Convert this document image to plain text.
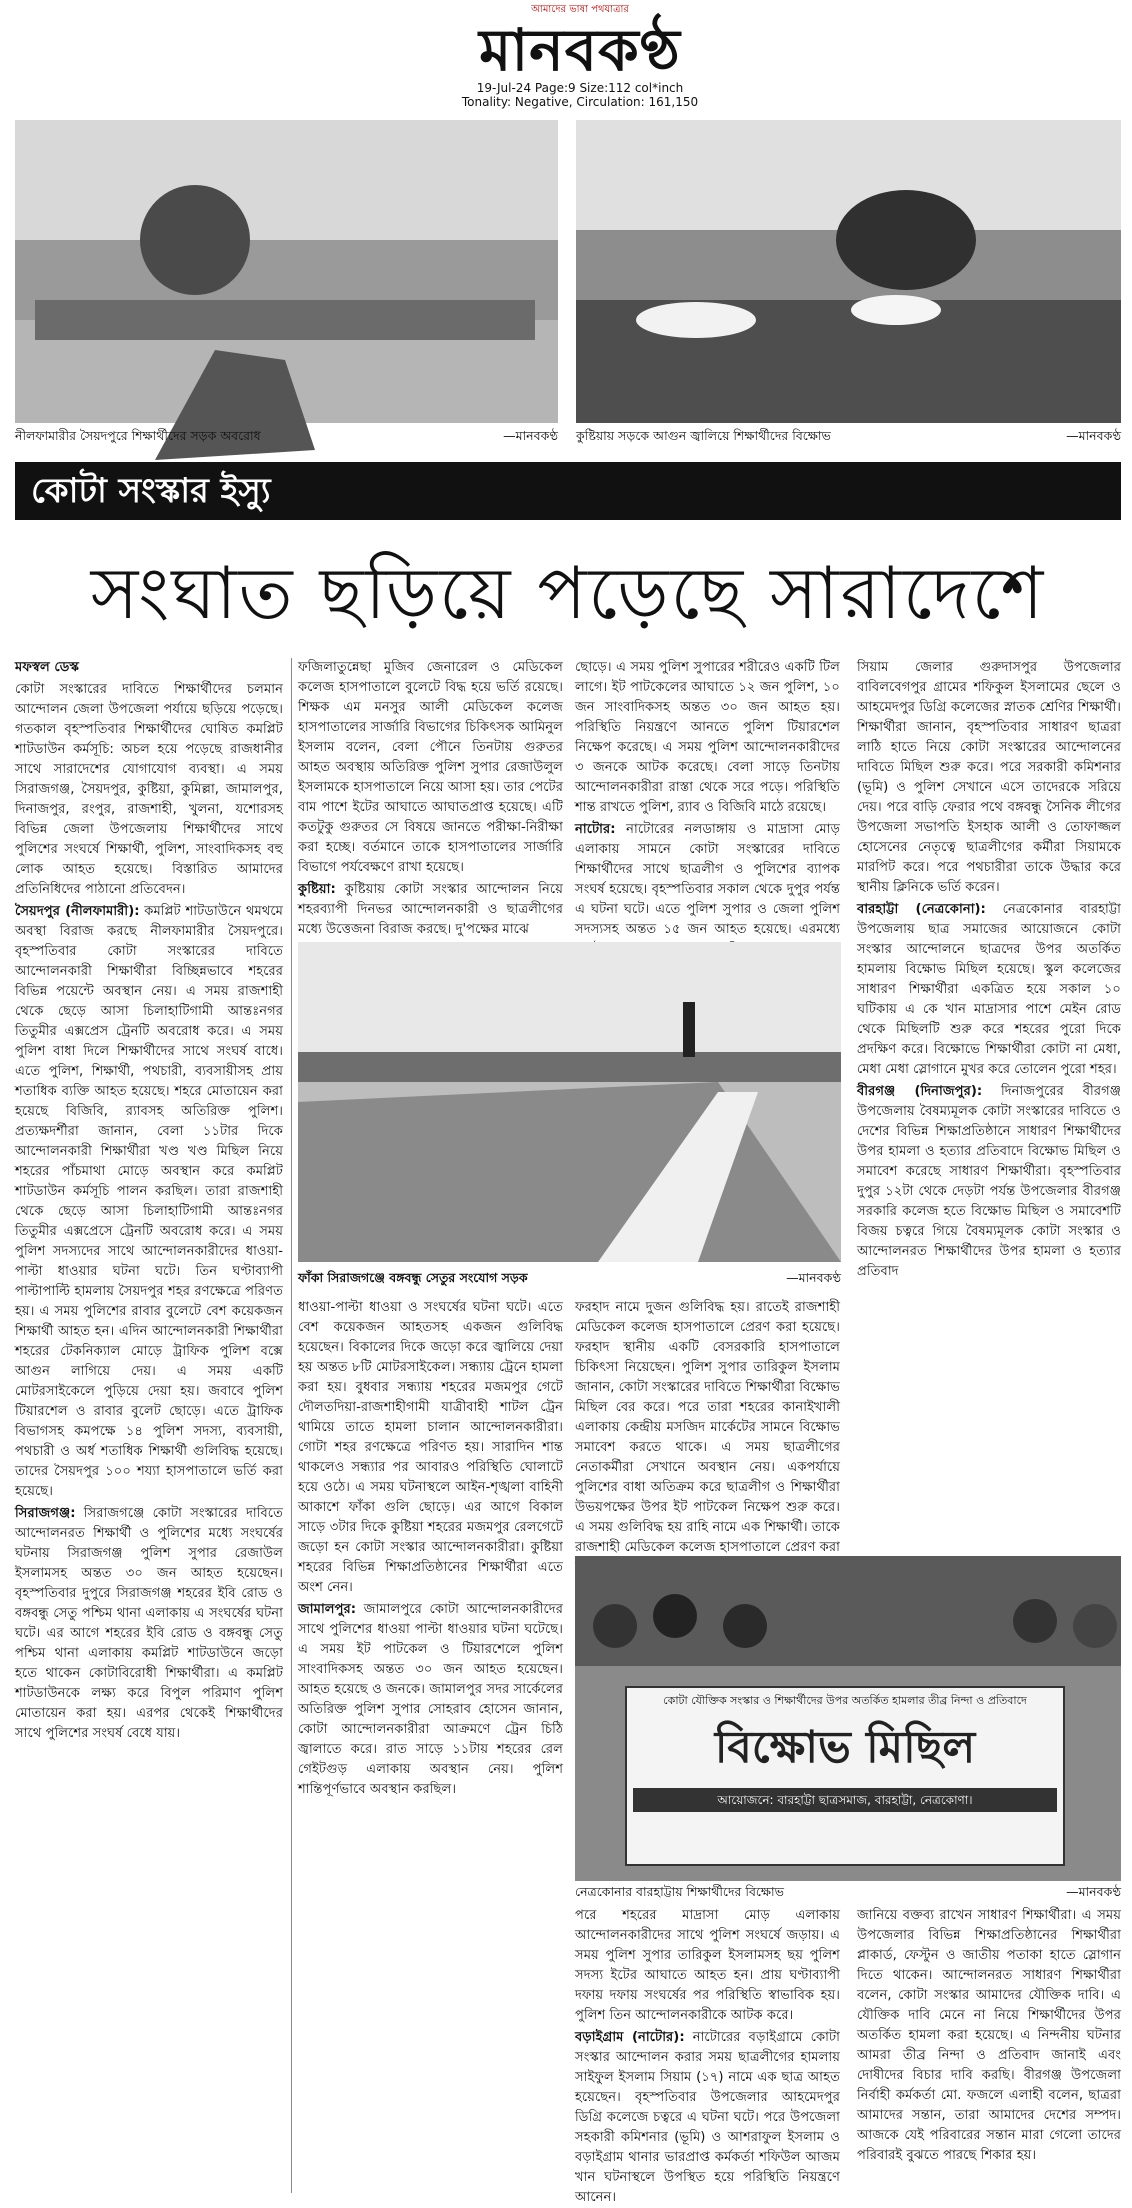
আমাদের ভাষা পথযাত্রার
মানবকণ্ঠ
19-Jul-24 Page:9 Size:112 col*inch
Tonality: Negative, Circulation: 161,150
নীলফামারীর সৈয়দপুরে শিক্ষার্থীদের সড়ক অবরোধ	—মানবকণ্ঠ কুষ্টিয়ায় সড়কে আগুন জ্বালিয়ে শিক্ষার্থীদের বিক্ষোভ	—মানবকণ্ঠ
কোটা সংস্কার ইস্যু
সংঘাত ছড়িয়ে পড়েছে সারাদেশে

মফস্বল ডেস্ক

কোটা সংস্কারের দাবিতে শিক্ষার্থীদের চলমান আন্দোলন জেলা উপজেলা পর্যায়ে ছড়িয়ে পড়েছে। গতকাল বৃহস্পতিবার শিক্ষার্থীদের ঘোষিত কমপ্লিট শাটডাউন কর্মসূচি: অচল হয়ে পড়েছে রাজধানীর সাথে সারাদেশের যোগাযোগ ব্যবস্থা। এ সময় সিরাজগঞ্জ, সৈয়দপুর, কুষ্টিয়া, কুমিল্লা, জামালপুর, দিনাজপুর, রংপুর, রাজশাহী, খুলনা, যশোরসহ বিভিন্ন জেলা উপজেলায় শিক্ষার্থীদের সাথে পুলিশের সংঘর্ষে শিক্ষার্থী, পুলিশ, সাংবাদিকসহ বহু লোক আহত হয়েছে। বিস্তারিত আমাদের প্রতিনিধিদের পাঠানো প্রতিবেদন।

সৈয়দপুর (নীলফামারী): কমপ্লিট শাটডাউনে থমথমে অবস্থা বিরাজ করছে নীলফামারীর সৈয়দপুরে। বৃহস্পতিবার কোটা সংস্কারের দাবিতে আন্দোলনকারী শিক্ষার্থীরা বিচ্ছিন্নভাবে শহরের বিভিন্ন পয়েন্টে অবস্থান নেয়। এ সময় রাজশাহী থেকে ছেড়ে আসা চিলাহাটিগামী আন্তঃনগর তিতুমীর এক্সপ্রেস ট্রেনটি অবরোধ করে। এ সময় পুলিশ বাধা দিলে শিক্ষার্থীদের সাথে সংঘর্ষ বাধে। এতে পুলিশ, শিক্ষার্থী, পথচারী, ব্যবসায়ীসহ প্রায় শতাধিক ব্যক্তি আহত হয়েছে। শহরে মোতায়েন করা হয়েছে বিজিবি, র‍্যাবসহ অতিরিক্ত পুলিশ। প্রত্যক্ষদর্শীরা জানান, বেলা ১১টার দিকে আন্দোলনকারী শিক্ষার্থীরা খণ্ড খণ্ড মিছিল নিয়ে শহরের পাঁচমাথা মোড়ে অবস্থান করে কমপ্লিট শাটডাউন কর্মসূচি পালন করছিল। তারা রাজশাহী থেকে ছেড়ে আসা চিলাহাটিগামী আন্তঃনগর তিতুমীর এক্সপ্রেসে ট্রেনটি অবরোধ করে। এ সময় পুলিশ সদস্যদের সাথে আন্দোলনকারীদের ধাওয়া-পাল্টা ধাওয়ার ঘটনা ঘটে। তিন ঘণ্টাব্যাপী পাল্টাপাল্টি হামলায় সৈয়দপুর শহর রণক্ষেত্রে পরিণত হয়। এ সময় পুলিশের রাবার বুলেটে বেশ কয়েকজন শিক্ষার্থী আহত হন। এদিন আন্দোলনকারী শিক্ষার্থীরা শহরের টেকনিক্যাল মোড়ে ট্রাফিক পুলিশ বক্সে আগুন লাগিয়ে দেয়। এ সময় একটি মোটরসাইকেলে পুড়িয়ে দেয়া হয়। জবাবে পুলিশ টিয়ারশেল ও রাবার বুলেট ছোড়ে। এতে ট্রাফিক বিভাগসহ কমপক্ষে ১৪ পুলিশ সদস্য, ব্যবসায়ী, পথচারী ও অর্ধ শতাধিক শিক্ষার্থী গুলিবিদ্ধ হয়েছে। তাদের সৈয়দপুর ১০০ শয্যা হাসপাতালে ভর্তি করা হয়েছে।

সিরাজগঞ্জ: সিরাজগঞ্জে কোটা সংস্কারের দাবিতে আন্দোলনরত শিক্ষার্থী ও পুলিশের মধ্যে সংঘর্ষের ঘটনায় সিরাজগঞ্জ পুলিশ সুপার রেজাউল ইসলামসহ অন্তত ৩০ জন আহত হয়েছেন। বৃহস্পতিবার দুপুরে সিরাজগঞ্জ শহরের ইবি রোড ও বঙ্গবন্ধু সেতু পশ্চিম থানা এলাকায় এ সংঘর্ষের ঘটনা ঘটে। এর আগে শহরের ইবি রোড ও বঙ্গবন্ধু সেতু পশ্চিম থানা এলাকায় কমপ্লিট শাটডাউনে জড়ো হতে থাকেন কোটাবিরোধী শিক্ষার্থীরা। এ কমপ্লিট শাটডাউনকে লক্ষ্য করে বিপুল পরিমাণ পুলিশ মোতায়েন করা হয়। এরপর থেকেই শিক্ষার্থীদের সাথে পুলিশের সংঘর্ষ বেধে যায়।

ফজিলাতুন্নেছা মুজিব জেনারেল ও মেডিকেল কলেজ হাসপাতালে বুলেটে বিদ্ধ হয়ে ভর্তি রয়েছে। শিক্ষক এম মনসুর আলী মেডিকেল কলেজ হাসপাতালের সার্জারি বিভাগের চিকিৎসক আমিনুল ইসলাম বলেন, বেলা পৌনে তিনটায় গুরুতর আহত অবস্থায় অতিরিক্ত পুলিশ সুপার রেজাউলুল ইসলামকে হাসপাতালে নিয়ে আসা হয়। তার পেটের বাম পাশে ইটের আঘাতে আঘাতপ্রাপ্ত হয়েছে। এটি কতটুকু গুরুতর সে বিষয়ে জানতে পরীক্ষা-নিরীক্ষা করা হচ্ছে। বর্তমানে তাকে হাসপাতালের সার্জারি বিভাগে পর্যবেক্ষণে রাখা হয়েছে।

কুষ্টিয়া: কুষ্টিয়ায় কোটা সংস্কার আন্দোলন নিয়ে শহরব্যাপী দিনভর আন্দোলনকারী ও ছাত্রলীগের মধ্যে উত্তেজনা বিরাজ করছে। দু'পক্ষের মাঝে

ছোড়ে। এ সময় পুলিশ সুপারের শরীরেও একটি টিল লাগে। ইট পাটকেলের আঘাতে ১২ জন পুলিশ, ১০ জন সাংবাদিকসহ অন্তত ৩০ জন আহত হয়। পরিস্থিতি নিয়ন্ত্রণে আনতে পুলিশ টিয়ারশেল নিক্ষেপ করেছে। এ সময় পুলিশ আন্দোলনকারীদের ৩ জনকে আটক করেছে। বেলা সাড়ে তিনটায় আন্দোলনকারীরা রাস্তা থেকে সরে পড়ে। পরিস্থিতি শান্ত রাখতে পুলিশ, র‍্যাব ও বিজিবি মাঠে রয়েছে।

নাটোর: নাটোরের নলডাঙ্গায় ও মাদ্রাসা মোড় এলাকায় সামনে কোটা সংস্কারের দাবিতে শিক্ষার্থীদের সাথে ছাত্রলীগ ও পুলিশের ব্যাপক সংঘর্ষ হয়েছে। বৃহস্পতিবার সকাল থেকে দুপুর পর্যন্ত এ ঘটনা ঘটে। এতে পুলিশ সুপার ও জেলা পুলিশ সদস্যসহ অন্তত ১৫ জন আহত হয়েছে। এরমধ্যে

ফাঁকা সিরাজগঞ্জে বঙ্গবন্ধু সেতুর সংযোগ সড়ক	—মানবকণ্ঠ

ধাওয়া-পাল্টা ধাওয়া ও সংঘর্ষের ঘটনা ঘটে। এতে বেশ কয়েকজন আহতসহ একজন গুলিবিদ্ধ হয়েছেন। বিকালের দিকে জড়ো করে জ্বালিয়ে দেয়া হয় অন্তত ৮টি মোটরসাইকেল। সন্ধ্যায় ট্রেনে হামলা করা হয়। বুধবার সন্ধ্যায় শহরের মজমপুর গেটে দৌলতদিয়া-রাজশাহীগামী যাত্রীবাহী শাটল ট্রেন থামিয়ে তাতে হামলা চালান আন্দোলনকারীরা। গোটা শহর রণক্ষেত্রে পরিণত হয়। সারাদিন শান্ত থাকলেও সন্ধ্যার পর আবারও পরিস্থিতি ঘোলাটে হয়ে ওঠে। এ সময় ঘটনাস্থলে আইন-শৃঙ্খলা বাহিনী আকাশে ফাঁকা গুলি ছোড়ে। এর আগে বিকাল সাড়ে ৩টার দিকে কুষ্টিয়া শহরের মজমপুর রেলগেটে জড়ো হন কোটা সংস্কার আন্দোলনকারীরা। কুষ্টিয়া শহরের বিভিন্ন শিক্ষাপ্রতিষ্ঠানের শিক্ষার্থীরা এতে অংশ নেন।

জামালপুর: জামালপুরে কোটা আন্দোলনকারীদের সাথে পুলিশের ধাওয়া পাল্টা ধাওয়ার ঘটনা ঘটেছে। এ সময় ইট পাটকেল ও টিয়ারশেলে পুলিশ সাংবাদিকসহ অন্তত ৩০ জন আহত হয়েছেন। আহত হয়েছে ও জনকে। জামালপুর সদর সার্কেলের অতিরিক্ত পুলিশ সুপার সোহরাব হোসেন জানান, কোটা আন্দোলনকারীরা আক্রমণে ট্রেন চিঠি জ্বালাতে করে। রাত সাড়ে ১১টায় শহরের রেল গেইটগুড় এলাকায় অবস্থান নেয়। পুলিশ শান্তিপূর্ণভাবে অবস্থান করছিল।

ফরহাদ নামে দুজন গুলিবিদ্ধ হয়। রাতেই রাজশাহী মেডিকেল কলেজ হাসপাতালে প্রেরণ করা হয়েছে। ফরহাদ স্থানীয় একটি বেসরকারি হাসপাতালে চিকিৎসা নিয়েছেন। পুলিশ সুপার তারিকুল ইসলাম জানান, কোটা সংস্কারের দাবিতে শিক্ষার্থীরা বিক্ষোভ মিছিল বের করে। পরে তারা শহরের কানাইখালী এলাকায় কেন্দ্রীয় মসজিদ মার্কেটের সামনে বিক্ষোভ সমাবেশ করতে থাকে। এ সময় ছাত্রলীগের নেতাকর্মীরা সেখানে অবস্থান নেয়। একপর্যায়ে পুলিশের বাধা অতিক্রম করে ছাত্রলীগ ও শিক্ষার্থীরা উভয়পক্ষের উপর ইট পাটকেল নিক্ষেপ শুরু করে। এ সময় গুলিবিদ্ধ হয় রাহি নামে এক শিক্ষার্থী। তাকে রাজশাহী মেডিকেল কলেজ হাসপাতালে প্রেরণ করা

সিয়াম জেলার গুরুদাসপুর উপজেলার বাবিলবেগপুর গ্রামের শফিকুল ইসলামের ছেলে ও আহমেদপুর ডিগ্রি কলেজের স্নাতক শ্রেণির শিক্ষার্থী। শিক্ষার্থীরা জানান, বৃহস্পতিবার সাধারণ ছাত্ররা লাঠি হাতে নিয়ে কোটা সংস্কারের আন্দোলনের দাবিতে মিছিল শুরু করে। পরে সরকারী কমিশনার (ভূমি) ও পুলিশ সেখানে এসে তাদেরকে সরিয়ে দেয়। পরে বাড়ি ফেরার পথে বঙ্গবন্ধু সৈনিক লীগের উপজেলা সভাপতি ইসহাক আলী ও তোফাজ্জল হোসেনের নেতৃত্বে ছাত্রলীগের কর্মীরা সিয়ামকে মারপিট করে। পরে পথচারীরা তাকে উদ্ধার করে স্থানীয় ক্লিনিকে ভর্তি করেন।

বারহাট্টা (নেত্রকোনা): নেত্রকোনার বারহাট্টা উপজেলায় ছাত্র সমাজের আয়োজনে কোটা সংস্কার আন্দোলনে ছাত্রদের উপর অতর্কিত হামলায় বিক্ষোভ মিছিল হয়েছে। স্কুল কলেজের সাধারণ শিক্ষার্থীরা একত্রিত হয়ে সকাল ১০ ঘটিকায় এ কে খান মাদ্রাসার পাশে মেইন রোড থেকে মিছিলটি শুরু করে শহরের পুরো দিকে প্রদক্ষিণ করে। বিক্ষোভে শিক্ষার্থীরা কোটা না মেধা, মেধা মেধা স্লোগানে মুখর করে তোলেন পুরো শহর।

বীরগঞ্জ (দিনাজপুর): দিনাজপুরের বীরগঞ্জ উপজেলায় বৈষম্যমূলক কোটা সংস্কারের দাবিতে ও দেশের বিভিন্ন শিক্ষাপ্রতিষ্ঠানে সাধারণ শিক্ষার্থীদের উপর হামলা ও হত্যার প্রতিবাদে বিক্ষোভ মিছিল ও সমাবেশ করেছে সাধারণ শিক্ষার্থীরা। বৃহস্পতিবার দুপুর ১২টা থেকে দেড়টা পর্যন্ত উপজেলার বীরগঞ্জ সরকারি কলেজ হতে বিক্ষোভ মিছিল ও সমাবেশটি বিজয় চত্বরে গিয়ে বৈষম্যমূলক কোটা সংস্কার ও আন্দোলনরত শিক্ষার্থীদের উপর হামলা ও হত্যার প্রতিবাদ

কোটা যৌক্তিক সংস্কার ও শিক্ষার্থীদের উপর অতর্কিত হামলার তীব্র নিন্দা ও প্রতিবাদে
বিক্ষোভ মিছিল
আয়োজনে: বারহাট্টা ছাত্রসমাজ, বারহাট্টা, নেত্রকোণা।
নেত্রকোনার বারহাট্টায় শিক্ষার্থীদের বিক্ষোভ	—মানবকণ্ঠ

পরে শহরের মাদ্রাসা মোড় এলাকায় আন্দোলনকারীদের সাথে পুলিশ সংঘর্ষে জড়ায়। এ সময় পুলিশ সুপার তারিকুল ইসলামসহ ছয় পুলিশ সদস্য ইটের আঘাতে আহত হন। প্রায় ঘণ্টাব্যাপী দফায় দফায় সংঘর্ষের পর পরিস্থিতি স্বাভাবিক হয়। পুলিশ তিন আন্দোলনকারীকে আটক করে।

বড়াইগ্রাম (নাটোর): নাটোরের বড়াইগ্রামে কোটা সংস্কার আন্দোলন করার সময় ছাত্রলীগের হামলায় সাইফুল ইসলাম সিয়াম (১৭) নামে এক ছাত্র আহত হয়েছেন। বৃহস্পতিবার উপজেলার আহমেদপুর ডিগ্রি কলেজে চত্বরে এ ঘটনা ঘটে। পরে উপজেলা সহকারী কমিশনার (ভূমি) ও আশরাফুল ইসলাম ও বড়াইগ্রাম থানার ভারপ্রাপ্ত কর্মকর্তা শফিউল আজম খান ঘটনাস্থলে উপস্থিত হয়ে পরিস্থিতি নিয়ন্ত্রণে আনেন।

জানিয়ে বক্তব্য রাখেন সাধারণ শিক্ষার্থীরা। এ সময় উপজেলার বিভিন্ন শিক্ষাপ্রতিষ্ঠানের শিক্ষার্থীরা প্লাকার্ড, ফেস্টুন ও জাতীয় পতাকা হাতে স্লোগান দিতে থাকেন। আন্দোলনরত সাধারণ শিক্ষার্থীরা বলেন, কোটা সংস্কার আমাদের যৌক্তিক দাবি। এ যৌক্তিক দাবি মেনে না নিয়ে শিক্ষার্থীদের উপর অতর্কিত হামলা করা হয়েছে। এ নিন্দনীয় ঘটনার আমরা তীব্র নিন্দা ও প্রতিবাদ জানাই এবং দোষীদের বিচার দাবি করছি। বীরগঞ্জ উপজেলা নির্বাহী কর্মকর্তা মো. ফজলে এলাহী বলেন, ছাত্ররা আমাদের সন্তান, তারা আমাদের দেশের সম্পদ। আজকে যেই পরিবারের সন্তান মারা গেলো তাদের পরিবারই বুঝতে পারছে শিকার হয়।
